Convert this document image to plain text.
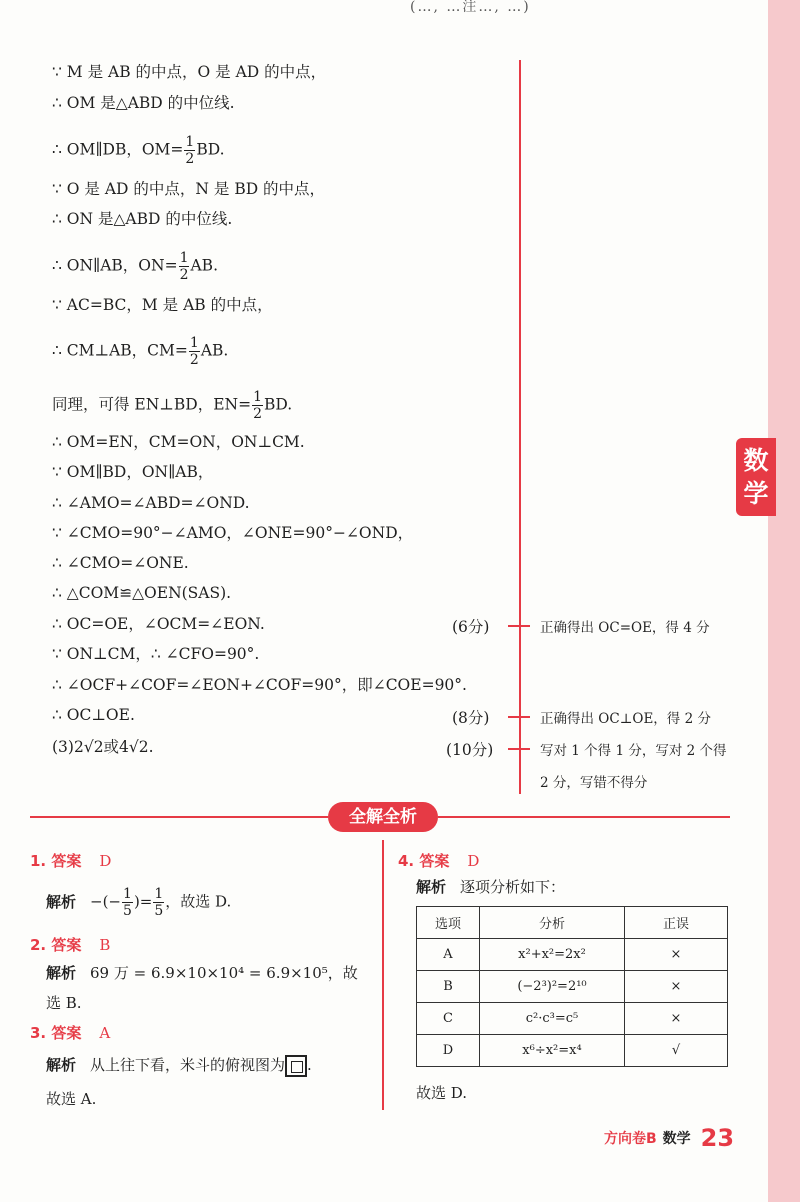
数学
(…, …注…, …)
∵ M 是 AB 的中点，O 是 AD 的中点，
∴ OM 是△ABD 的中位线.
∴ OM∥DB，$OM= \frac{1}{2}$ BD.
∵ O 是 AD 的中点，N 是 BD 的中点，
∴ ON 是△ABD 的中位线.
∴ ON∥AB，$ON= \frac{1}{2}$ AB.
∵ AC=BC，M 是 AB 的中点，
∴ CM⊥AB，$CM= \frac{1}{2}$ AB.
同理，可得 EN⊥BD，$EN= \frac{1}{2}$ BD.
∴ OM=EN，CM=ON，ON⊥CM.
∵ OM∥BD，ON∥AB，
∴ ∠AMO=∠ABD=∠OND.
∵ ∠CMO=90°−∠AMO，∠ONE=90°−∠OND，
∴ ∠CMO=∠ONE.
∴ △COM≌△OEN(SAS).
∴ OC=OE，∠OCM=∠EON.
∵ ON⊥CM，∴ ∠CFO=90°.
∴ ∠OCF+∠COF=∠EON+∠COF=90°，即∠COE=90°.
∴ OC⊥OE.
(3)2√2或4√2.
(6分)	正确得出 OC=OE，得 4 分
(8分)	正确得出 OC⊥OE，得 2 分
(10分)	写对 1 个得 1 分，写对 2 个得
2 分，写错不得分
全解全析
1. 答案 D
解析 −(− $\frac{1}{5}$ )= $\frac{1}{5}$ ，故选 D.
2. 答案 B
解析 69 万 = 6.9×10×10⁴ = 6.9×10⁵，故
选 B.
3. 答案 A
解析 从上往下看，米斗的俯视图为 .
故选 A.
4. 答案 D
解析 逐项分析如下：
选项	分析	正误
A	x²+x²=2x²	×
B	(−2³)²=2¹⁰	×
C	c²·c³=c⁵	×
D	x⁶÷x²=x⁴	√
故选 D.
方向卷B 数学 23
